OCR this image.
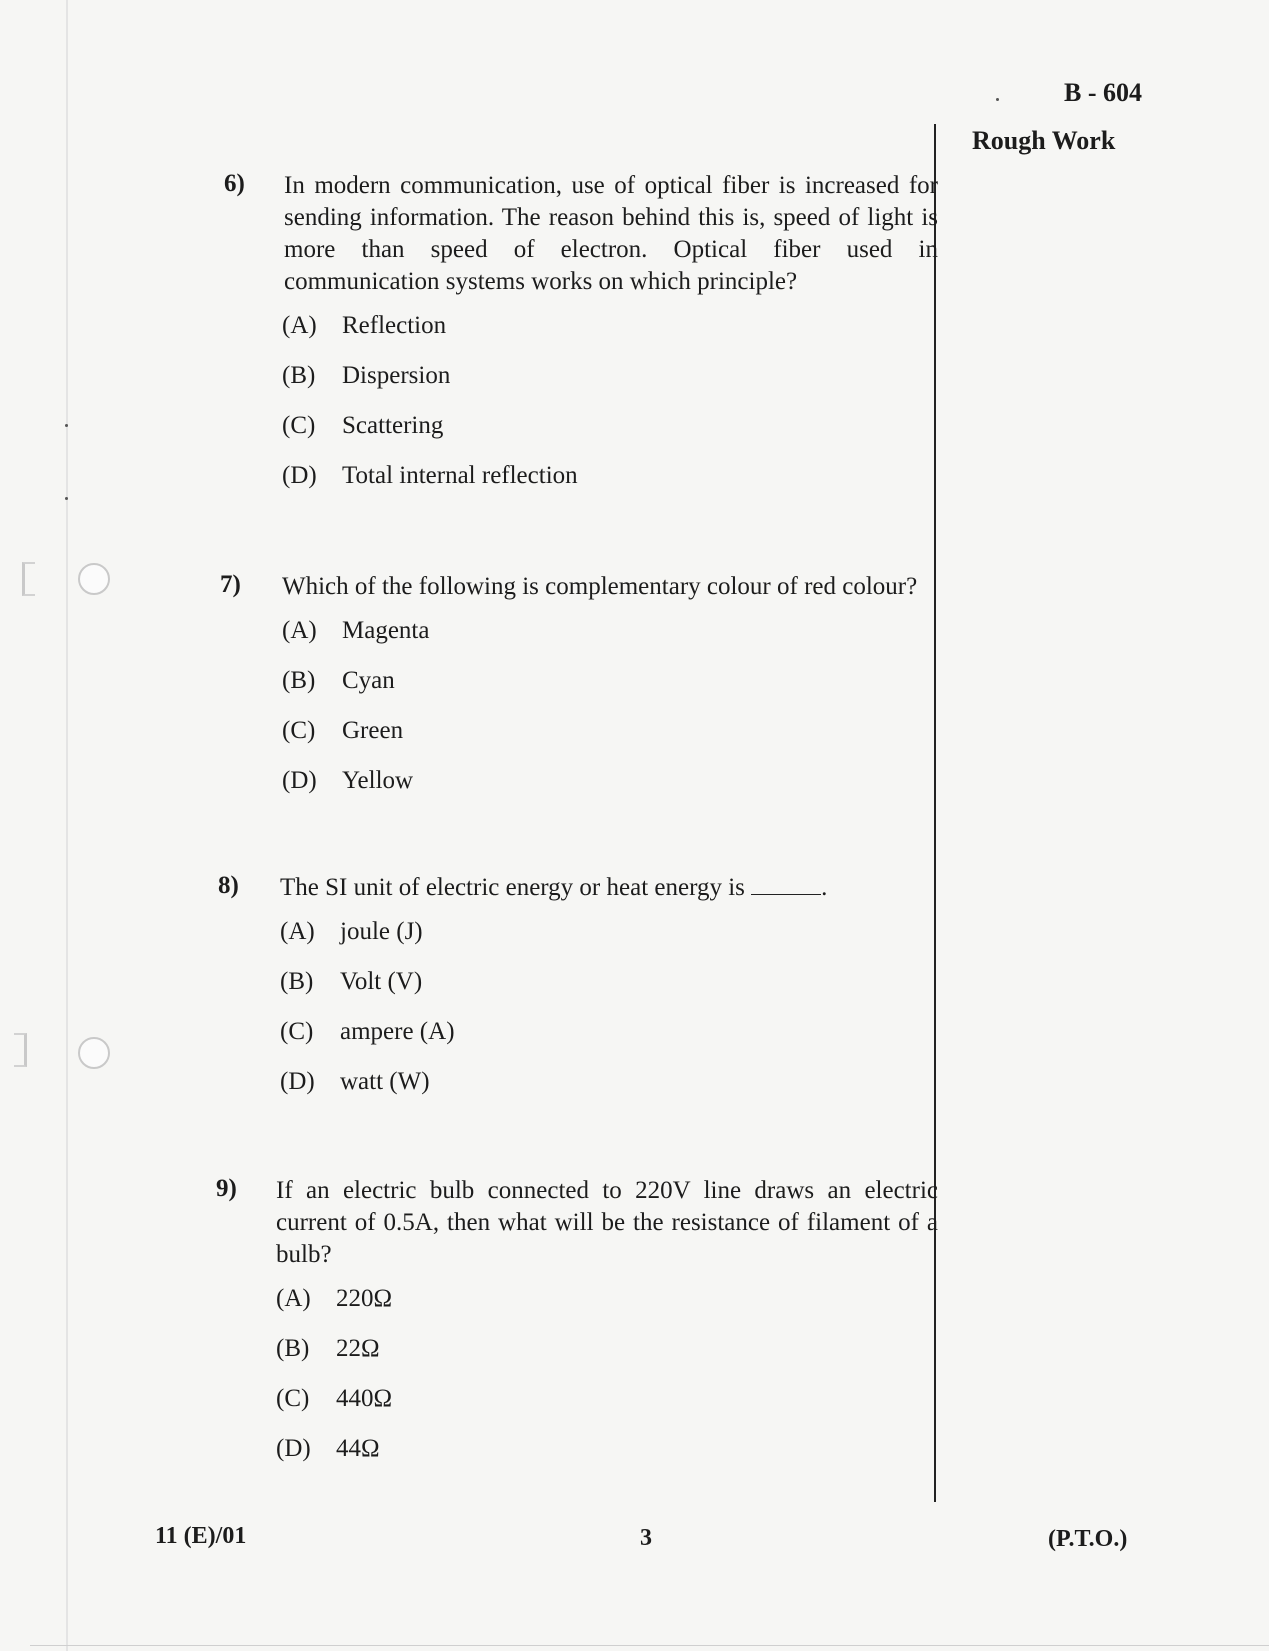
B - 604
Rough Work
6)	In modern communication, use of optical fiber is increased for sending information. The reason behind this is, speed of light is more than speed of electron. Optical fiber used in communication systems works on which principle?
(A)	Reflection
(B)	Dispersion
(C)	Scattering
(D)	Total internal reflection
7)	Which of the following is complementary colour of red colour?
(A)	Magenta
(B)	Cyan
(C)	Green
(D)	Yellow
8)	The SI unit of electric energy or heat energy is	.
(A)	joule (J)
(B)	Volt (V)
(C)	ampere (A)
(D)	watt (W)
9)	If an electric bulb connected to 220V line draws an electric current of 0.5A, then what will be the resistance of filament of a bulb?
(A)	220Ω
(B)	22Ω
(C)	440Ω
(D)	44Ω
11 (E)/01	3	(P.T.O.)
